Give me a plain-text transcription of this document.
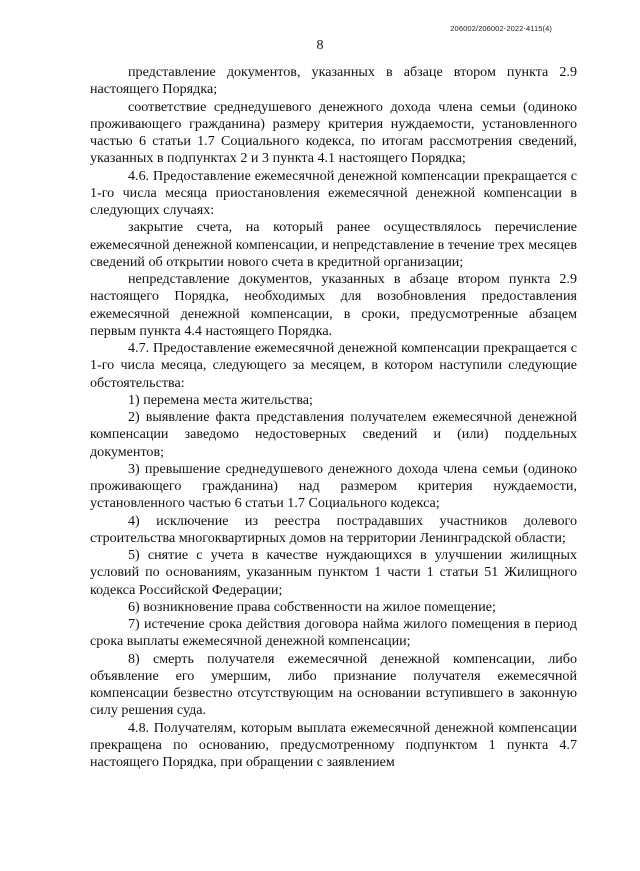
206002/206002-2022-4115(4)
8

представление документов, указанных в абзаце втором пункта 2.9 настоящего Порядка;

соответствие среднедушевого денежного дохода члена семьи (одиноко проживающего гражданина) размеру критерия нуждаемости, установленного частью 6 статьи 1.7 Социального кодекса, по итогам рассмотрения сведений, указанных в подпунктах 2 и 3 пункта 4.1 настоящего Порядка;

4.6. Предоставление ежемесячной денежной компенсации прекращается с 1-го числа месяца приостановления ежемесячной денежной компенсации в следующих случаях:

закрытие счета, на который ранее осуществлялось перечисление ежемесячной денежной компенсации, и непредставление в течение трех месяцев сведений об открытии нового счета в кредитной организации;

непредставление документов, указанных в абзаце втором пункта 2.9 настоящего Порядка, необходимых для возобновления предоставления ежемесячной денежной компенсации, в сроки, предусмотренные абзацем первым пункта 4.4 настоящего Порядка.

4.7. Предоставление ежемесячной денежной компенсации прекращается с 1-го числа месяца, следующего за месяцем, в котором наступили следующие обстоятельства:

1) перемена места жительства;

2) выявление факта представления получателем ежемесячной денежной компенсации заведомо недостоверных сведений и (или) поддельных документов;

3) превышение среднедушевого денежного дохода члена семьи (одиноко проживающего гражданина) над размером критерия нуждаемости, установленного частью 6 статьи 1.7 Социального кодекса;

4) исключение из реестра пострадавших участников долевого строительства многоквартирных домов на территории Ленинградской области;

5) снятие с учета в качестве нуждающихся в улучшении жилищных условий по основаниям, указанным пунктом 1 части 1 статьи 51 Жилищного кодекса Российской Федерации;

6) возникновение права собственности на жилое помещение;

7) истечение срока действия договора найма жилого помещения в период срока выплаты ежемесячной денежной компенсации;

8) смерть получателя ежемесячной денежной компенсации, либо объявление его умершим, либо признание получателя ежемесячной компенсации безвестно отсутствующим на основании вступившего в законную силу решения суда.

4.8. Получателям, которым выплата ежемесячной денежной компенсации прекращена по основанию, предусмотренному подпунктом 1 пункта 4.7 настоящего Порядка, при обращении с заявлением
